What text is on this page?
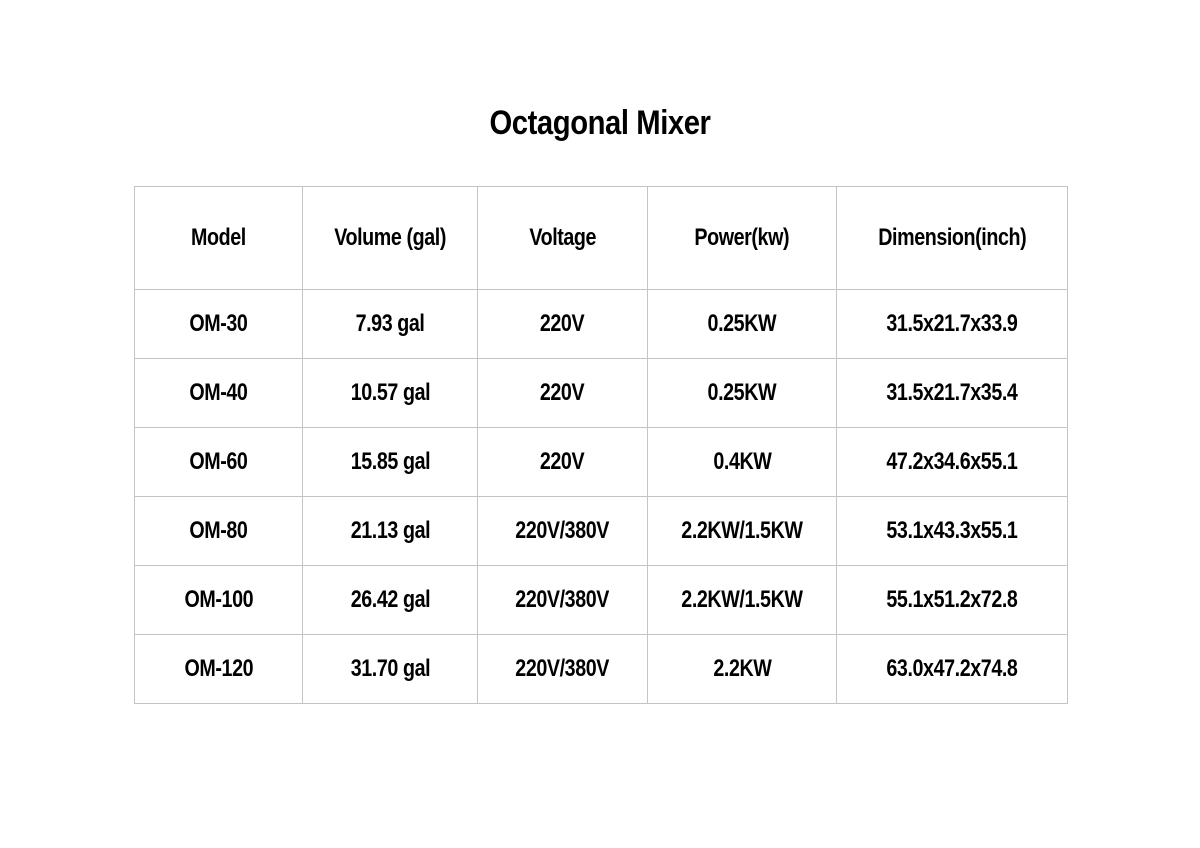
Octagonal Mixer
Model	Volume (gal)	Voltage	Power(kw)	Dimension(inch)
OM-30	7.93 gal	220V	0.25KW	31.5x21.7x33.9
OM-40	10.57 gal	220V	0.25KW	31.5x21.7x35.4
OM-60	15.85 gal	220V	0.4KW	47.2x34.6x55.1
OM-80	21.13 gal	220V/380V	2.2KW/1.5KW	53.1x43.3x55.1
OM-100	26.42 gal	220V/380V	2.2KW/1.5KW	55.1x51.2x72.8
OM-120	31.70 gal	220V/380V	2.2KW	63.0x47.2x74.8
